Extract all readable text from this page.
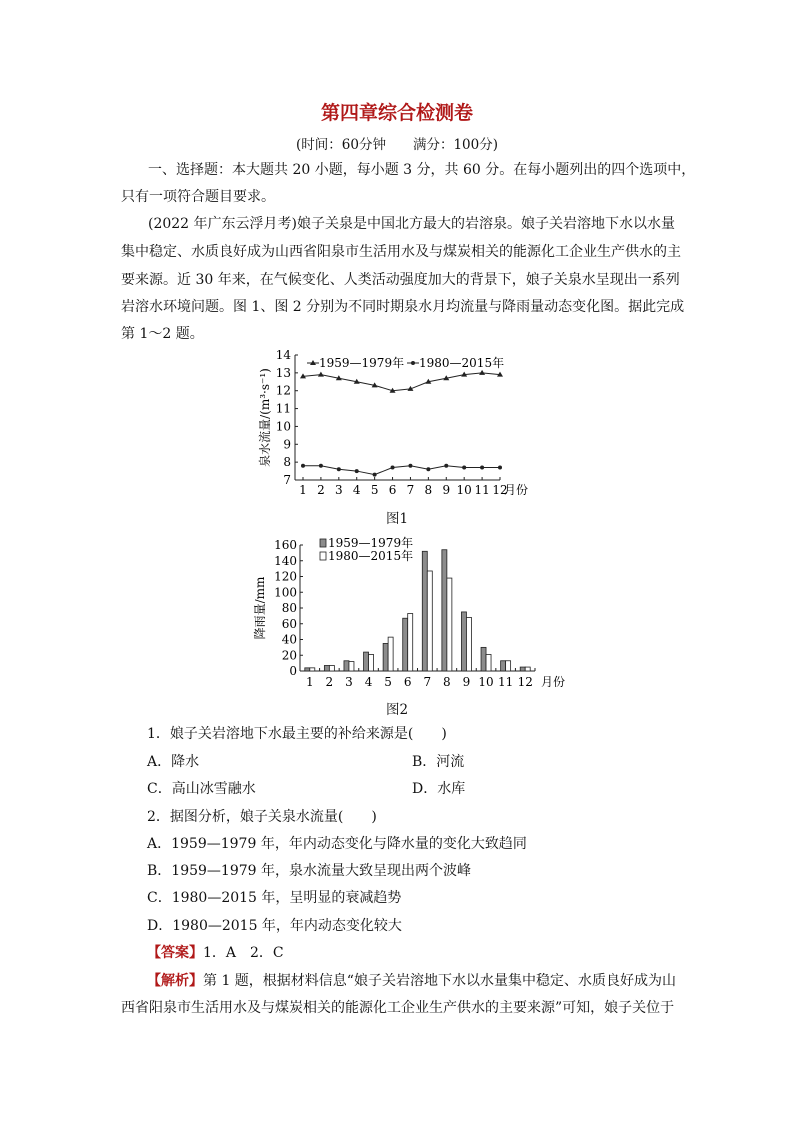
第四章综合检测卷
(时间：60分钟　　满分：100分)
一、选择题：本大题共 20 小题，每小题 3 分，共 60 分。在每小题列出的四个选项中，
只有一项符合题目要求。
(2022 年广东云浮月考)娘子关泉是中国北方最大的岩溶泉。娘子关岩溶地下水以水量
集中稳定、水质良好成为山西省阳泉市生活用水及与煤炭相关的能源化工企业生产供水的主
要来源。近 30 年来，在气候变化、人类活动强度加大的背景下，娘子关泉水呈现出一系列
岩溶水环境问题。图 1、图 2 分别为不同时期泉水月均流量与降雨量动态变化图。据此完成
第 1～2 题。
7
8
9
10
11
12
13
14
1 2 3 4 5 6 7 8 9 10 11 12
月份
泉水流量/(m³·s⁻¹)
1959—1979年 1980—2015年
图1
0
20
40
60
80
100
120
140
160
1 2 3 4 5 6 7 8 9 10 11 12 月份
降雨量/mm
1959—1979年
1980—2015年
图2
1．娘子关岩溶地下水最主要的补给来源是(　　)
A．降水	B．河流
C．高山冰雪融水	D．水库
2．据图分析，娘子关泉水流量(　　)
A．1959—1979 年，年内动态变化与降水量的变化大致趋同
B．1959—1979 年，泉水流量大致呈现出两个波峰
C．1980—2015 年，呈明显的衰减趋势
D．1980—2015 年，年内动态变化较大
【答案】1．A　2．C
【解析】第 1 题，根据材料信息“娘子关岩溶地下水以水量集中稳定、水质良好成为山
西省阳泉市生活用水及与煤炭相关的能源化工企业生产供水的主要来源”可知，娘子关位于
